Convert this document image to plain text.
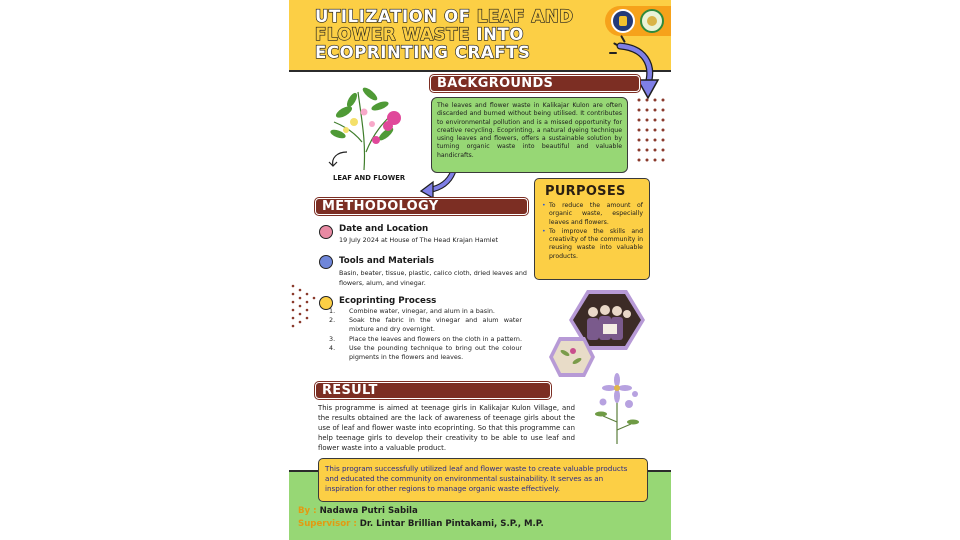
UTILIZATION OF LEAF AND
FLOWER WASTE INTO
ECOPRINTING CRAFTS
BACKGROUNDS
The leaves and flower waste in Kalikajar Kulon are often discarded and burned without being utilised. It contributes to environmental pollution and is a missed opportunity for creative recycling. Ecoprinting, a natural dyeing technique using leaves and flowers, offers a sustainable solution by turning organic waste into beautiful and valuable handicrafts.
LEAF AND FLOWER
PURPOSES
• To reduce the amount of organic waste, especially leaves and flowers.
• To improve the skills and creativity of the community in reusing waste into valuable products.
METHODOLOGY
Date and Location
19 July 2024 at House of The Head Krajan Hamlet
Tools and Materials
Basin, beater, tissue, plastic, calico cloth, dried leaves and flowers, alum, and vinegar.
Ecoprinting Process
1.	Combine water, vinegar, and alum in a basin.
2.	Soak the fabric in the vinegar and alum water mixture and dry overnight.
3.	Place the leaves and flowers on the cloth in a pattern.
4.	Use the pounding technique to bring out the colour pigments in the flowers and leaves.
RESULT
This programme is aimed at teenage girls in Kalikajar Kulon Village, and the results obtained are the lack of awareness of teenage girls about the use of leaf and flower waste into ecoprinting. So that this programme can help teenage girls to develop their creativity to be able to use leaf and flower waste into a valuable product.
This program successfully utilized leaf and flower waste to create valuable products and educated the community on environmental sustainability. It serves as an inspiration for other regions to manage organic waste effectively.
By : Nadawa Putri Sabila
Supervisor : Dr. Lintar Brillian Pintakami, S.P., M.P.
